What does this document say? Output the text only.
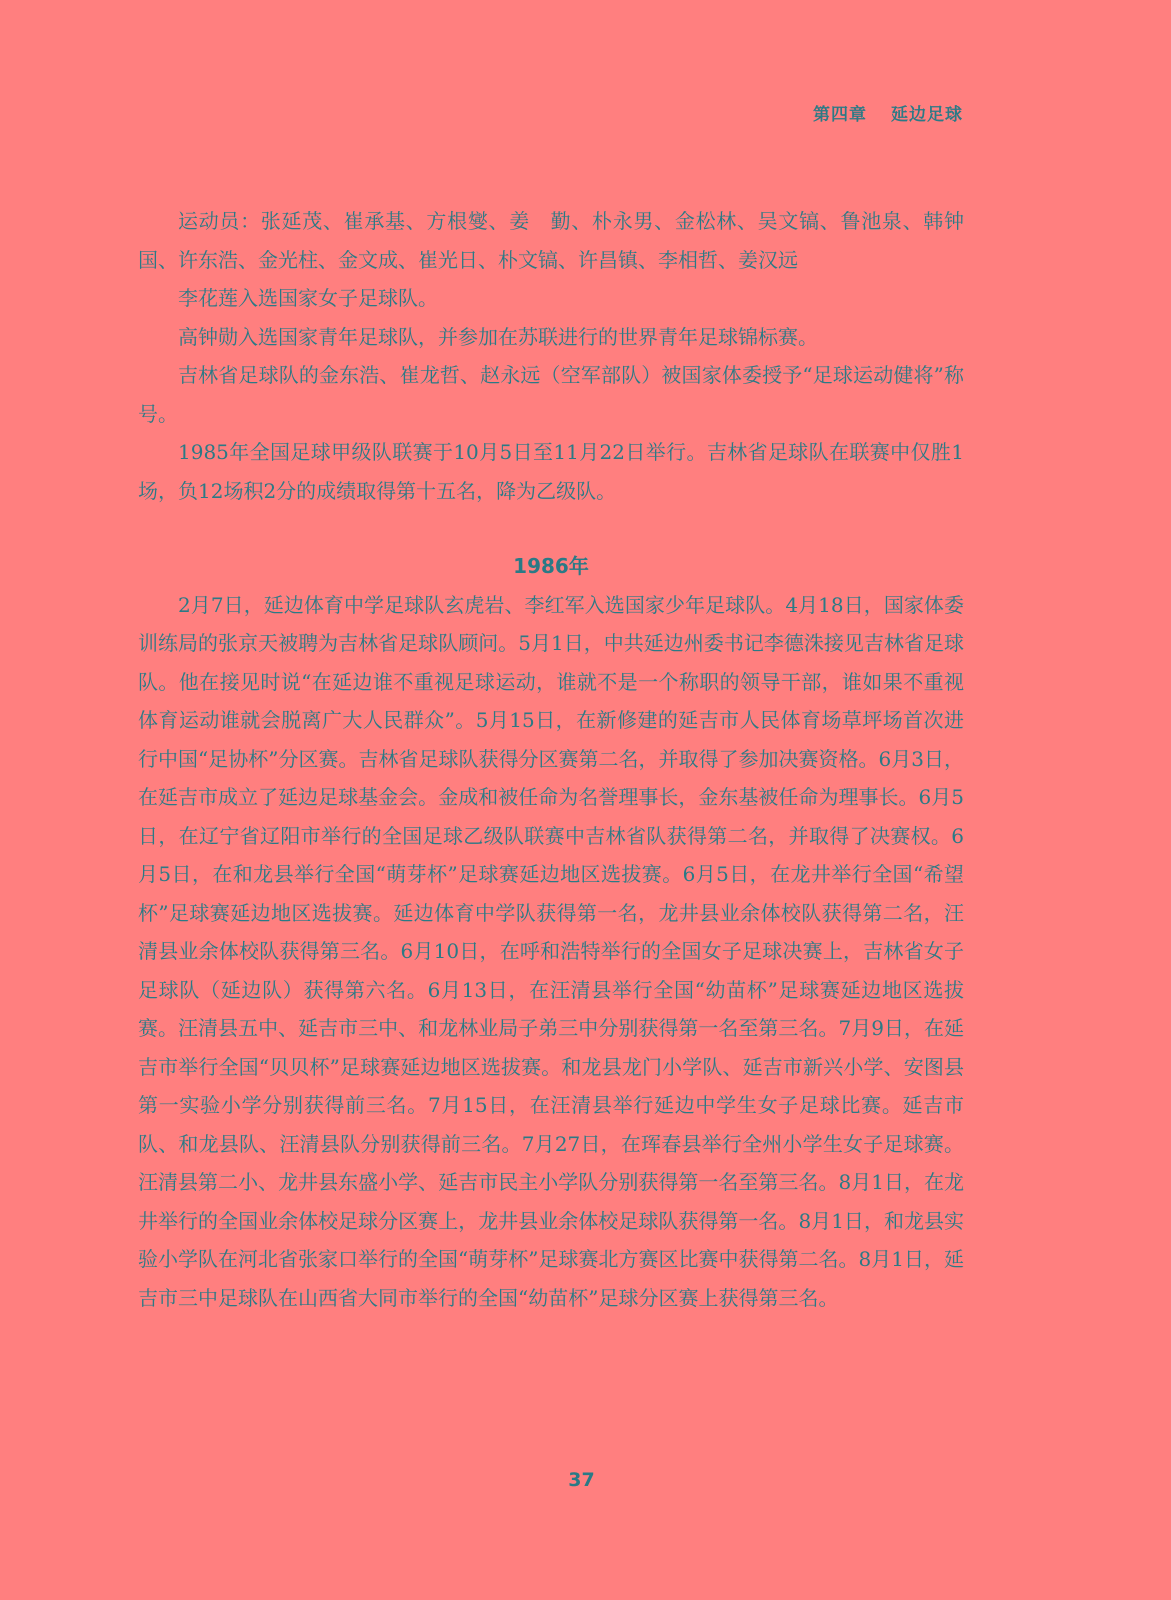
第四章 延边足球

运动员：张延茂、崔承基、方根燮、姜　勤、朴永男、金松林、吴文镐、鲁池泉、韩钟国、许东浩、金光柱、金文成、崔光日、朴文镐、许昌镇、李相哲、姜汉远

李花莲入选国家女子足球队。

高钟勋入选国家青年足球队，并参加在苏联进行的世界青年足球锦标赛。

吉林省足球队的金东浩、崔龙哲、赵永远（空军部队）被国家体委授予“足球运动健将”称号。

1985年全国足球甲级队联赛于10月5日至11月22日举行。吉林省足球队在联赛中仅胜1场，负12场积2分的成绩取得第十五名，降为乙级队。

1986年

2月7日，延边体育中学足球队玄虎岩、李红军入选国家少年足球队。4月18日，国家体委训练局的张京天被聘为吉林省足球队顾问。5月1日，中共延边州委书记李德洙接见吉林省足球队。他在接见时说“在延边谁不重视足球运动，谁就不是一个称职的领导干部，谁如果不重视体育运动谁就会脱离广大人民群众”。5月15日，在新修建的延吉市人民体育场草坪场首次进行中国“足协杯”分区赛。吉林省足球队获得分区赛第二名，并取得了参加决赛资格。6月3日，在延吉市成立了延边足球基金会。金成和被任命为名誉理事长，金东基被任命为理事长。6月5日，在辽宁省辽阳市举行的全国足球乙级队联赛中吉林省队获得第二名，并取得了决赛权。6月5日，在和龙县举行全国“萌芽杯”足球赛延边地区选拔赛。6月5日，在龙井举行全国“希望杯”足球赛延边地区选拔赛。延边体育中学队获得第一名，龙井县业余体校队获得第二名，汪清县业余体校队获得第三名。6月10日，在呼和浩特举行的全国女子足球决赛上，吉林省女子足球队（延边队）获得第六名。6月13日，在汪清县举行全国“幼苗杯”足球赛延边地区选拔赛。汪清县五中、延吉市三中、和龙林业局子弟三中分别获得第一名至第三名。7月9日，在延吉市举行全国“贝贝杯”足球赛延边地区选拔赛。和龙县龙门小学队、延吉市新兴小学、安图县第一实验小学分别获得前三名。7月15日，在汪清县举行延边中学生女子足球比赛。延吉市队、和龙县队、汪清县队分别获得前三名。7月27日，在珲春县举行全州小学生女子足球赛。汪清县第二小、龙井县东盛小学、延吉市民主小学队分别获得第一名至第三名。8月1日，在龙井举行的全国业余体校足球分区赛上，龙井县业余体校足球队获得第一名。8月1日，和龙县实验小学队在河北省张家口举行的全国“萌芽杯”足球赛北方赛区比赛中获得第二名。8月1日，延吉市三中足球队在山西省大同市举行的全国“幼苗杯”足球分区赛上获得第三名。

37
